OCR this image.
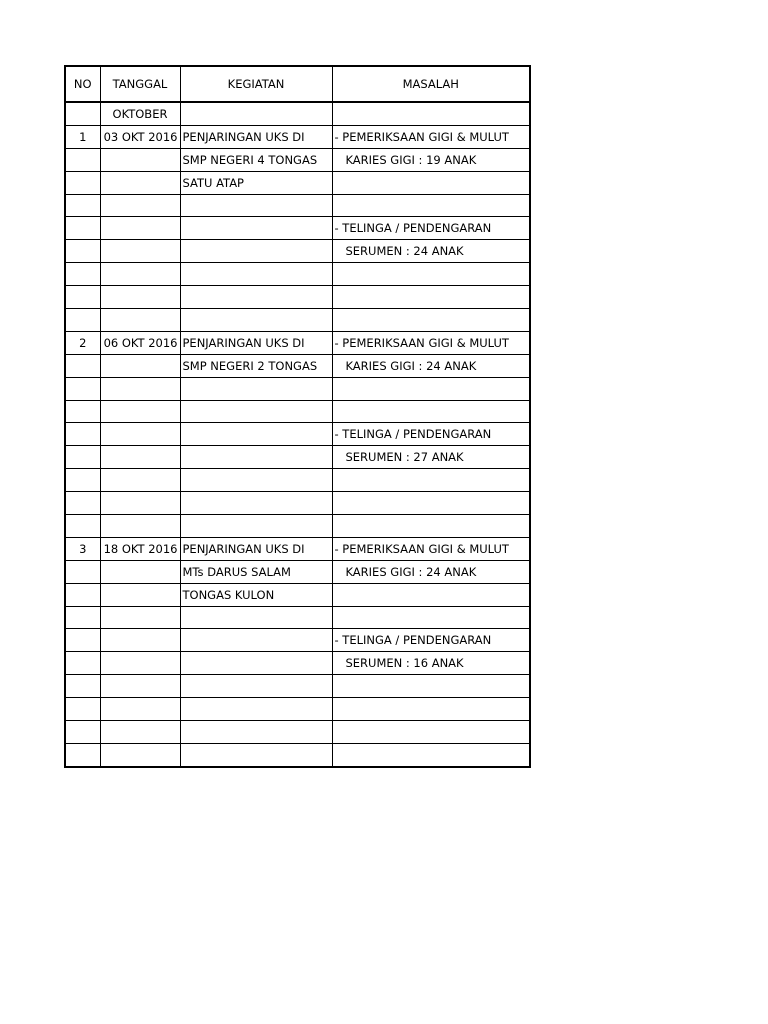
NO	TANGGAL	KEGIATAN	MASALAH
	OKTOBER		
1	03 OKT 2016	PENJARINGAN UKS DI	- PEMERIKSAAN GIGI & MULUT
		SMP NEGERI 4 TONGAS	KARIES GIGI : 19 ANAK
		SATU ATAP	

			- TELINGA / PENDENGARAN
			SERUMEN : 24 ANAK

2	06 OKT 2016	PENJARINGAN UKS DI	- PEMERIKSAAN GIGI & MULUT
		SMP NEGERI 2 TONGAS	KARIES GIGI : 24 ANAK

			- TELINGA / PENDENGARAN
			SERUMEN : 27 ANAK

3	18 OKT 2016	PENJARINGAN UKS DI	- PEMERIKSAAN GIGI & MULUT
		MTs DARUS SALAM	KARIES GIGI : 24 ANAK
		TONGAS KULON	

			- TELINGA / PENDENGARAN
			SERUMEN : 16 ANAK
